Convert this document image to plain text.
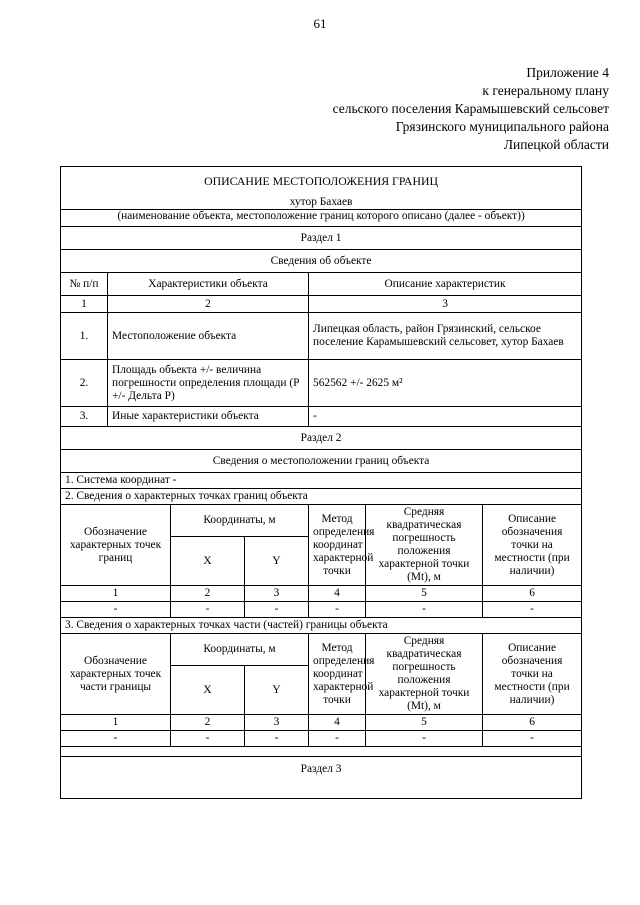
61
Приложение 4
к генеральному плану
сельского поселения Карамышевский сельсовет
Грязинского муниципального района
Липецкой области
ОПИСАНИЕ МЕСТОПОЛОЖЕНИЯ ГРАНИЦ						
хутор Бахаев						
(наименование объекта, местоположение границ которого описано (далее - объект))						
Раздел 1						
Сведения об объекте						
№ п/п	Характеристики объекта			Описание характеристик		
1	2			3		
1.	Местоположение объекта			Липецкая область, район Грязинский, сельское поселение Карамышевский сельсовет, хутор Бахаев		
2.	Площадь объекта +/- величина погрешности определения площади (Р +/- Дельта Р)			562562 +/- 2625 м²		
3.	Иные характеристики объекта			-		
Раздел 2						
Сведения о местоположении границ объекта						
1. Система координат -						
2. Сведения о характерных точках границ объекта						
Обозначение характерных точек границ		Координаты, м		Метод определения координат характерной точки	Средняя квадратическая погрешность положения характерной точки (Mt), м	Описание обозначения точки на местности (при наличии)
		X	Y			
1		2	3	4	5	6
-		-	-	-	-	-
3. Сведения о характерных точках части (частей) границы объекта						
Обозначение характерных точек части границы		Координаты, м		Метод определения координат характерной точки	Средняя квадратическая погрешность положения характерной точки (Mt), м	Описание обозначения точки на местности (при наличии)
		X	Y			
1		2	3	4	5	6
-		-	-	-	-	-

Раздел 3						
